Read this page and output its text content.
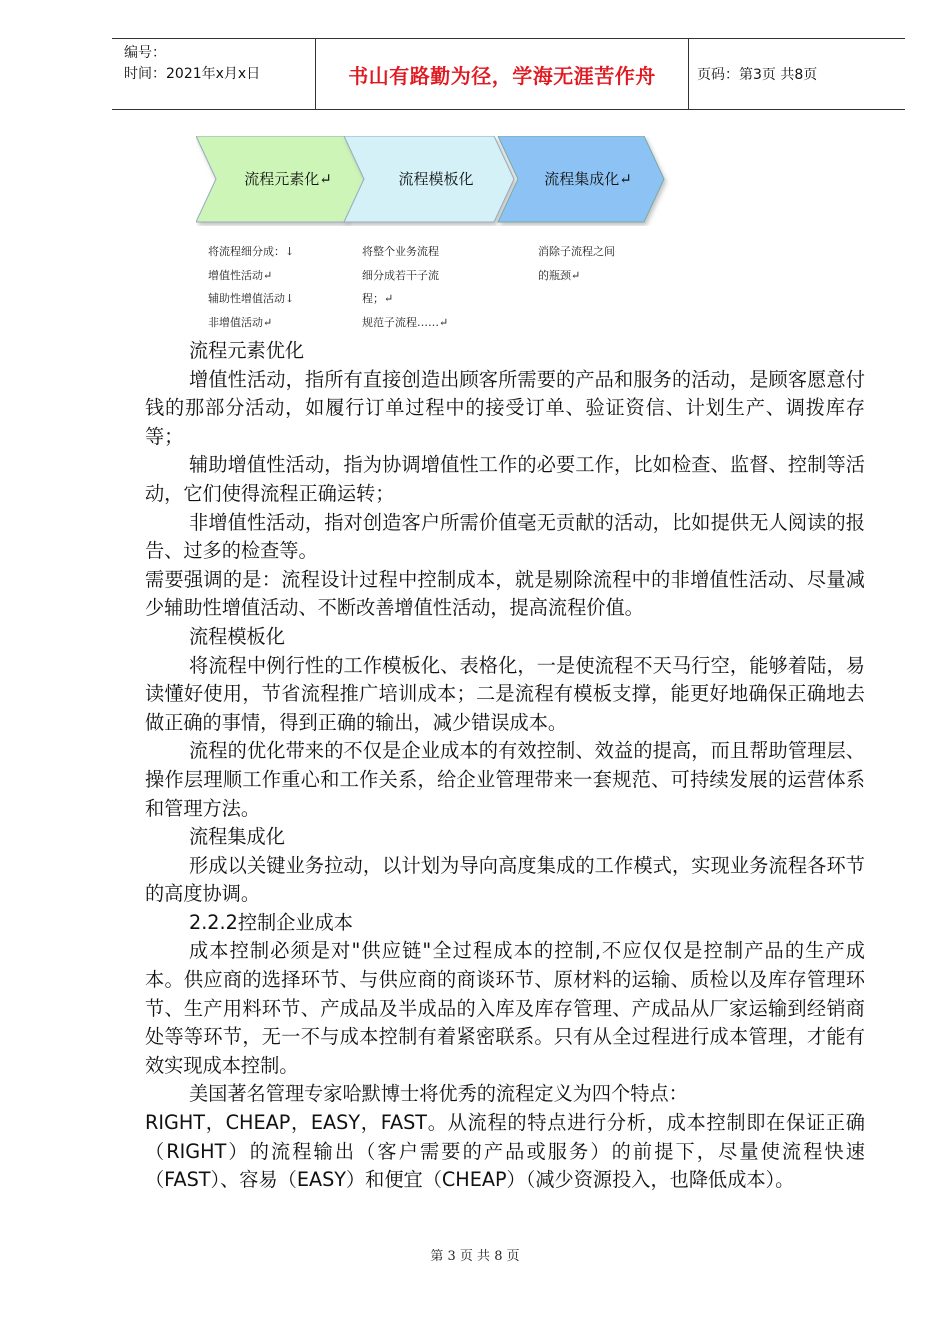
编号：
时间：2021年x月x日	书山有路勤为径，学海无涯苦作舟	页码：第3页 共8页
流程元素化↵	流程模板化	流程集成化↵
将流程细分成：↓
增值性活动↵
辅助性增值活动↓
非增值活动↵
将整个业务流程
细分成若干子流
程；↵
规范子流程……↵
消除子流程之间
的瓶颈↵

流程元素优化

增值性活动，指所有直接创造出顾客所需要的产品和服务的活动，是顾客愿意付钱的那部分活动，如履行订单过程中的接受订单、验证资信、计划生产、调拨库存等；

辅助增值性活动，指为协调增值性工作的必要工作，比如检查、监督、控制等活动，它们使得流程正确运转；

非增值性活动，指对创造客户所需价值毫无贡献的活动，比如提供无人阅读的报告、过多的检查等。

需要强调的是：流程设计过程中控制成本，就是剔除流程中的非增值性活动、尽量减少辅助性增值活动、不断改善增值性活动，提高流程价值。

流程模板化

将流程中例行性的工作模板化、表格化，一是使流程不天马行空，能够着陆，易读懂好使用，节省流程推广培训成本；二是流程有模板支撑，能更好地确保正确地去做正确的事情，得到正确的输出，减少错误成本。

流程的优化带来的不仅是企业成本的有效控制、效益的提高，而且帮助管理层、操作层理顺工作重心和工作关系，给企业管理带来一套规范、可持续发展的运营体系和管理方法。

流程集成化

形成以关键业务拉动，以计划为导向高度集成的工作模式，实现业务流程各环节的高度协调。

2.2.2控制企业成本

成本控制必须是对"供应链"全过程成本的控制,不应仅仅是控制产品的生产成本。供应商的选择环节、与供应商的商谈环节、原材料的运输、质检以及库存管理环节、生产用料环节、产成品及半成品的入库及库存管理、产成品从厂家运输到经销商处等等环节，无一不与成本控制有着紧密联系。只有从全过程进行成本管理，才能有效实现成本控制。

美国著名管理专家哈默博士将优秀的流程定义为四个特点：

RIGHT，CHEAP，EASY，FAST。从流程的特点进行分析，成本控制即在保证正确（RIGHT）的流程输出（客户需要的产品或服务）的前提下，尽量使流程快速（FAST）、容易（EASY）和便宜（CHEAP）（减少资源投入，也降低成本）。

第 3 页 共 8 页
